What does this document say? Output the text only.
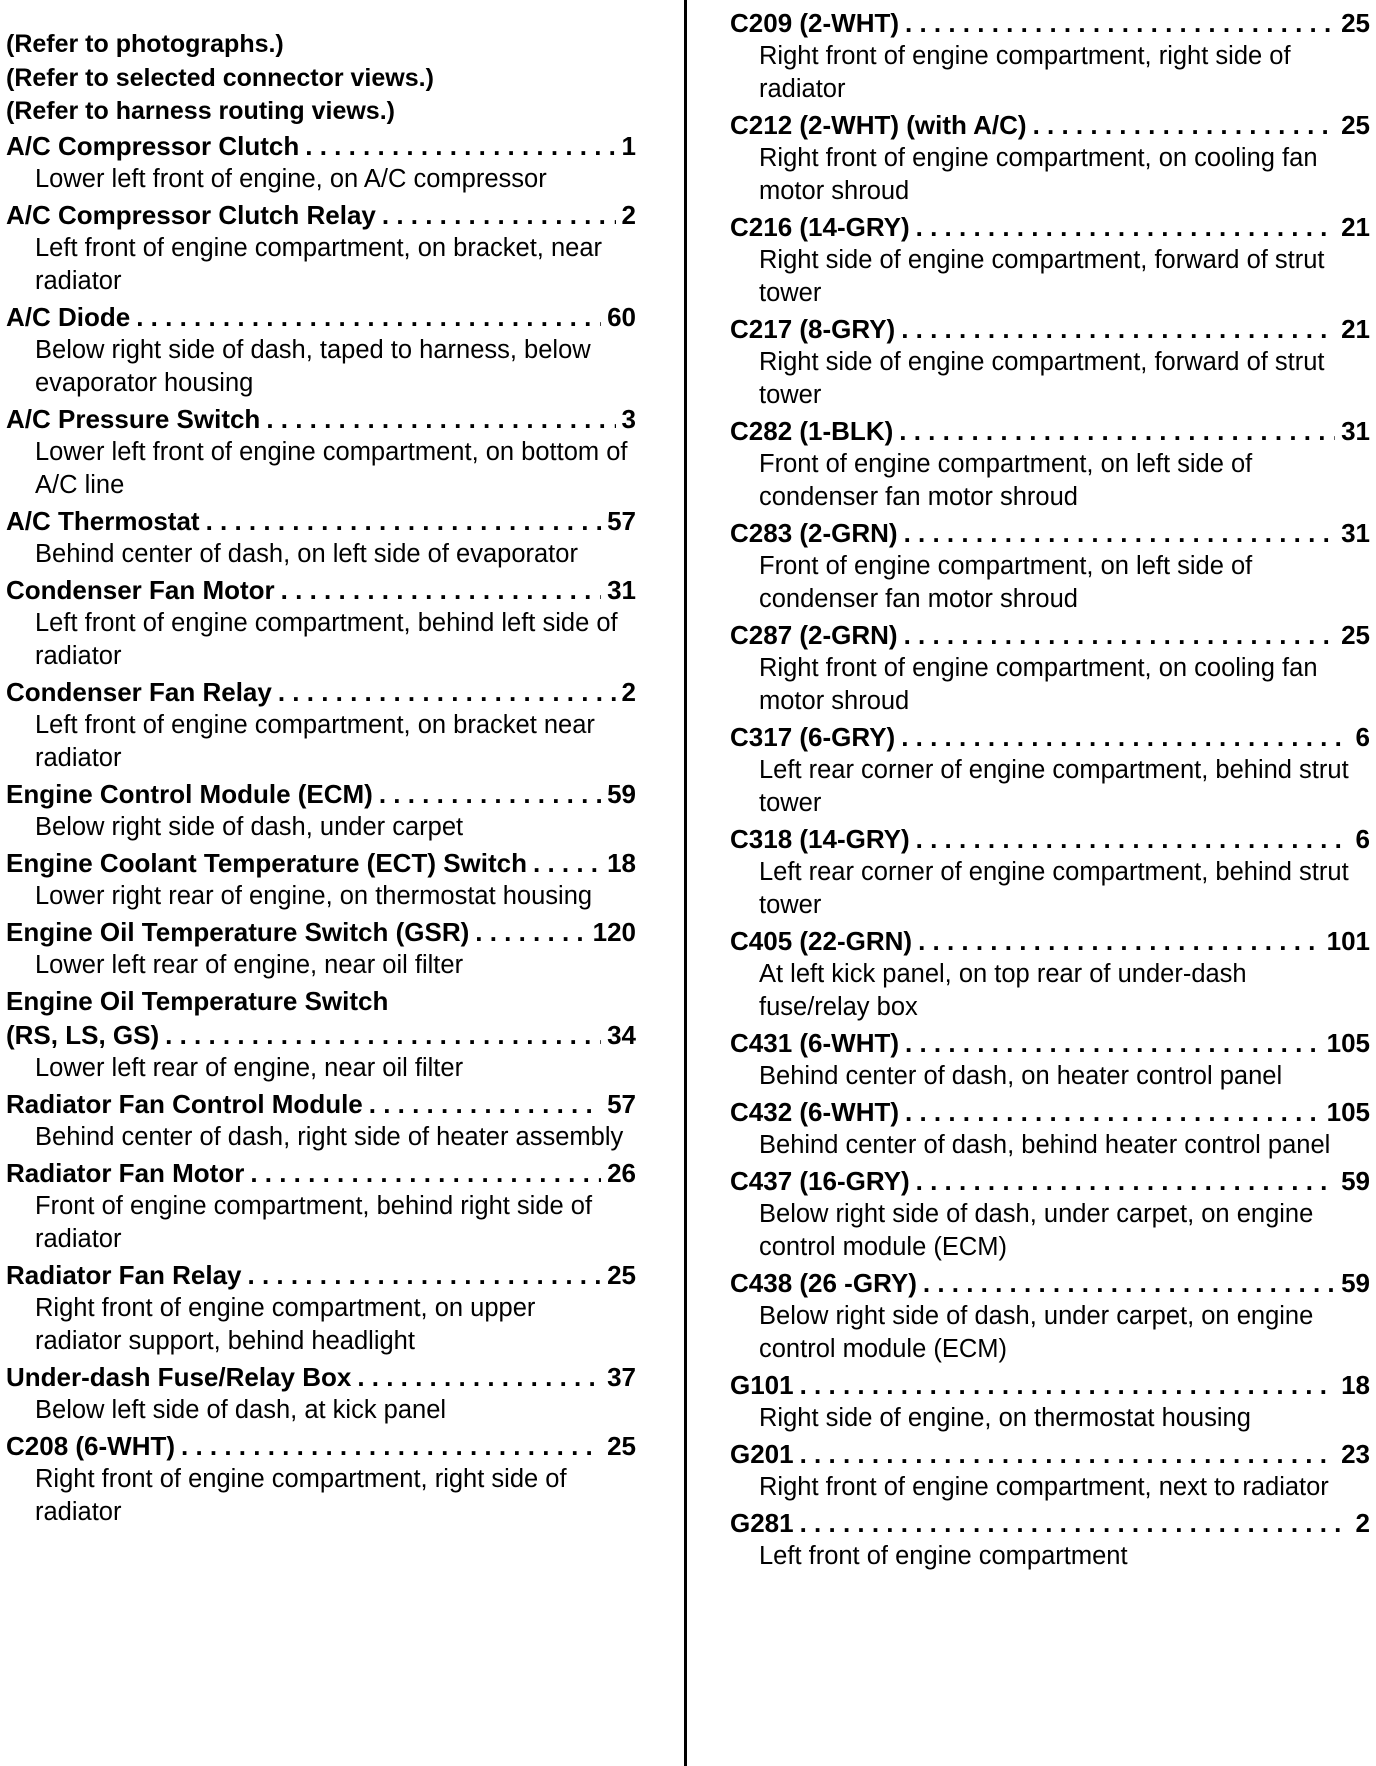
(Refer to photographs.)
(Refer to selected connector views.)
(Refer to harness routing views.)
A/C Compressor Clutch . . .	1
Lower left front of engine, on A/C compressor
A/C Compressor Clutch Relay . . .	2
Left front of engine compartment, on bracket, near radiator
A/C Diode . . .	60
Below right side of dash, taped to harness, below evaporator housing
A/C Pressure Switch . . .	3
Lower left front of engine compartment, on bottom of A/C line
A/C Thermostat . . .	57
Behind center of dash, on left side of evaporator
Condenser Fan Motor . . .	31
Left front of engine compartment, behind left side of radiator
Condenser Fan Relay . . .	2
Left front of engine compartment, on bracket near radiator
Engine Control Module (ECM) . . .	59
Below right side of dash, under carpet
Engine Coolant Temperature (ECT) Switch . . .	18
Lower right rear of engine, on thermostat housing
Engine Oil Temperature Switch (GSR) . . .	120
Lower left rear of engine, near oil filter
Engine Oil Temperature Switch
(RS, LS, GS) . . .	34
Lower left rear of engine, near oil filter
Radiator Fan Control Module . . .	57
Behind center of dash, right side of heater assembly
Radiator Fan Motor . . .	26
Front of engine compartment, behind right side of radiator
Radiator Fan Relay . . .	25
Right front of engine compartment, on upper radiator support, behind headlight
Under-dash Fuse/Relay Box . . .	37
Below left side of dash, at kick panel
C208 (6-WHT) . . .	25
Right front of engine compartment, right side of radiator
C209 (2-WHT) . . .	25
Right front of engine compartment, right side of radiator
C212 (2-WHT) (with A/C) . . .	25
Right front of engine compartment, on cooling fan motor shroud
C216 (14-GRY) . . .	21
Right side of engine compartment, forward of strut tower
C217 (8-GRY) . . .	21
Right side of engine compartment, forward of strut tower
C282 (1-BLK) . . .	31
Front of engine compartment, on left side of condenser fan motor shroud
C283 (2-GRN) . . .	31
Front of engine compartment, on left side of condenser fan motor shroud
C287 (2-GRN) . . .	25
Right front of engine compartment, on cooling fan motor shroud
C317 (6-GRY) . . .	6
Left rear corner of engine compartment, behind strut tower
C318 (14-GRY) . . .	6
Left rear corner of engine compartment, behind strut tower
C405 (22-GRN) . . .	101
At left kick panel, on top rear of under-dash fuse/relay box
C431 (6-WHT) . . .	105
Behind center of dash, on heater control panel
C432 (6-WHT) . . .	105
Behind center of dash, behind heater control panel
C437 (16-GRY) . . .	59
Below right side of dash, under carpet, on engine control module (ECM)
C438 (26 -GRY) . . .	59
Below right side of dash, under carpet, on engine control module (ECM)
G101 . . .	18
Right side of engine, on thermostat housing
G201 . . .	23
Right front of engine compartment, next to radiator
G281 . . .	2
Left front of engine compartment
